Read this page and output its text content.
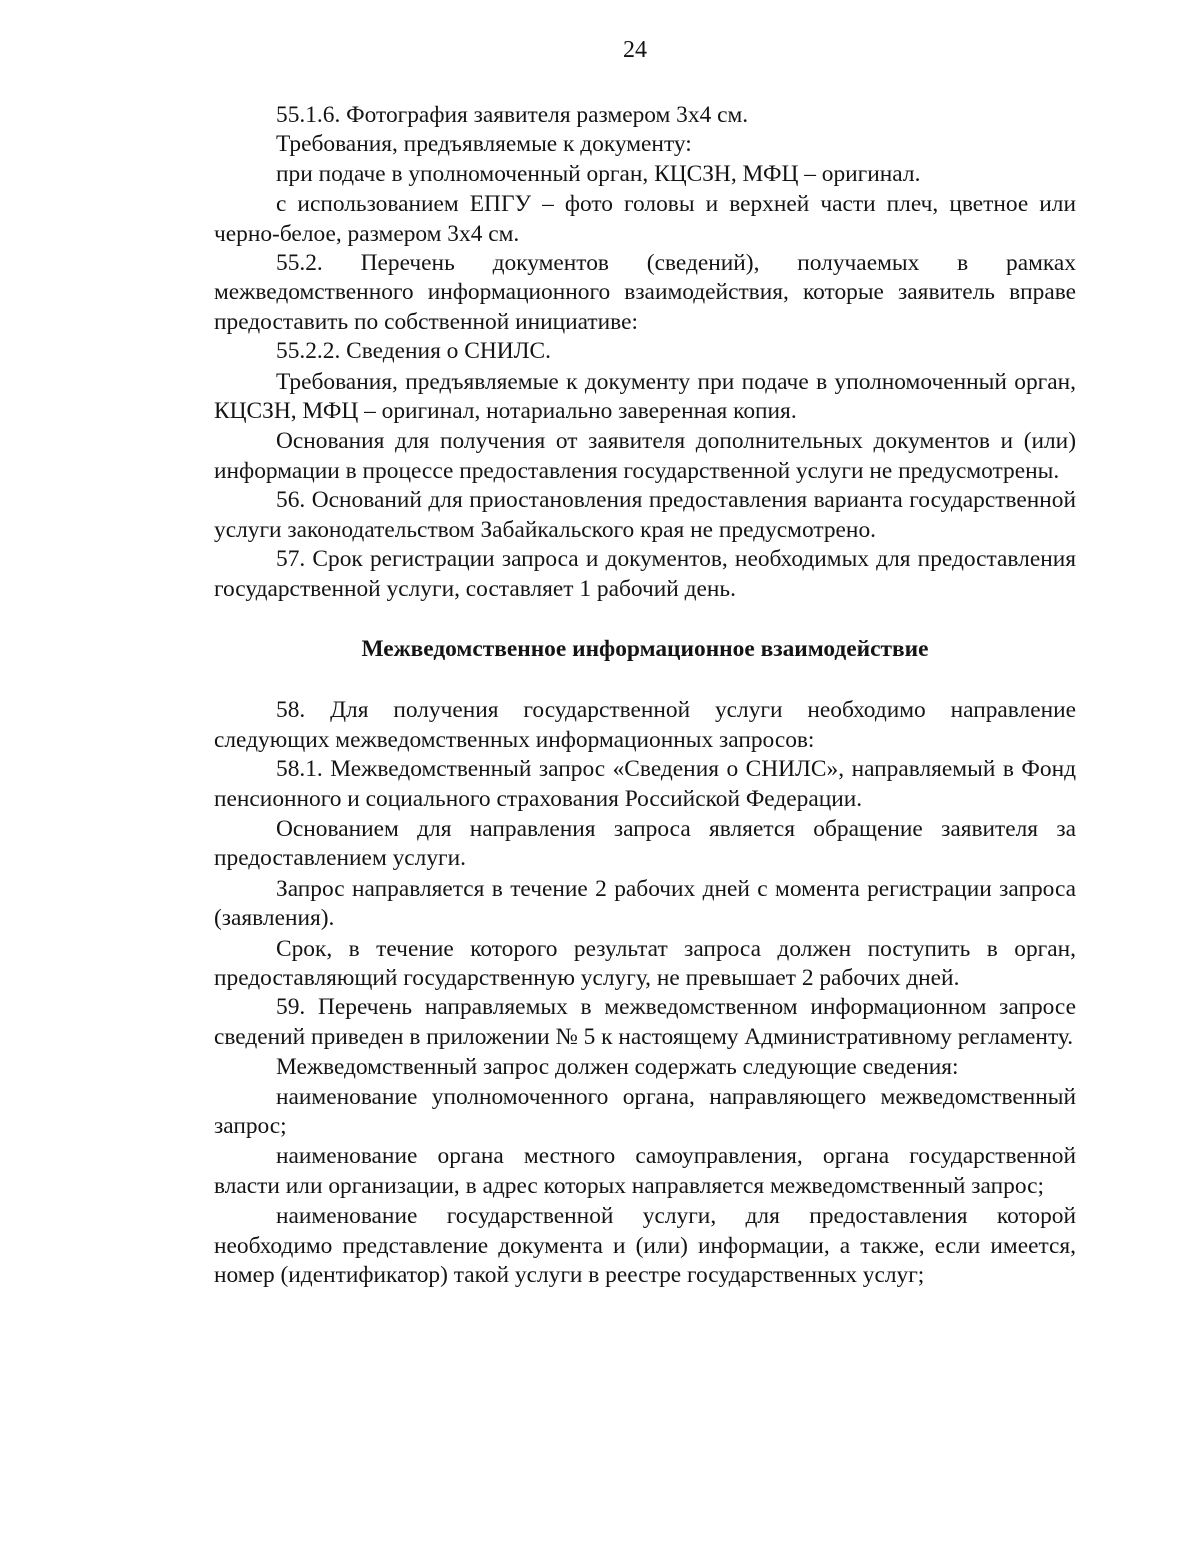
24

55.1.6. Фотография заявителя размером 3х4 см.

Требования, предъявляемые к документу:

при подаче в уполномоченный орган, КЦСЗН, МФЦ – оригинал.

с использованием ЕПГУ – фото головы и верхней части плеч, цветное или черно-белое, размером 3х4 см.

55.2. Перечень документов (сведений), получаемых в рамках межведомственного информационного взаимодействия, которые заявитель вправе предоставить по собственной инициативе:

55.2.2. Сведения о СНИЛС.

Требования, предъявляемые к документу при подаче в уполномоченный орган, КЦСЗН, МФЦ – оригинал, нотариально заверенная копия.

Основания для получения от заявителя дополнительных документов и (или) информации в процессе предоставления государственной услуги не предусмотрены.

56. Оснований для приостановления предоставления варианта государственной услуги законодательством Забайкальского края не предусмотрено.

57. Срок регистрации запроса и документов, необходимых для предоставления государственной услуги, составляет 1 рабочий день.

Межведомственное информационное взаимодействие

58. Для получения государственной услуги необходимо направление следующих межведомственных информационных запросов:

58.1. Межведомственный запрос «Сведения о СНИЛС», направляемый в Фонд пенсионного и социального страхования Российской Федерации.

Основанием для направления запроса является обращение заявителя за предоставлением услуги.

Запрос направляется в течение 2 рабочих дней с момента регистрации запроса (заявления).

Срок, в течение которого результат запроса должен поступить в орган, предоставляющий государственную услугу, не превышает 2 рабочих дней.

59. Перечень направляемых в межведомственном информационном запросе сведений приведен в приложении № 5 к настоящему Административному регламенту.

Межведомственный запрос должен содержать следующие сведения:

наименование уполномоченного органа, направляющего межведомственный запрос;

наименование органа местного самоуправления, органа государственной власти или организации, в адрес которых направляется межведомственный запрос;

наименование государственной услуги, для предоставления которой необходимо представление документа и (или) информации, а также, если имеется, номер (идентификатор) такой услуги в реестре государственных услуг;
